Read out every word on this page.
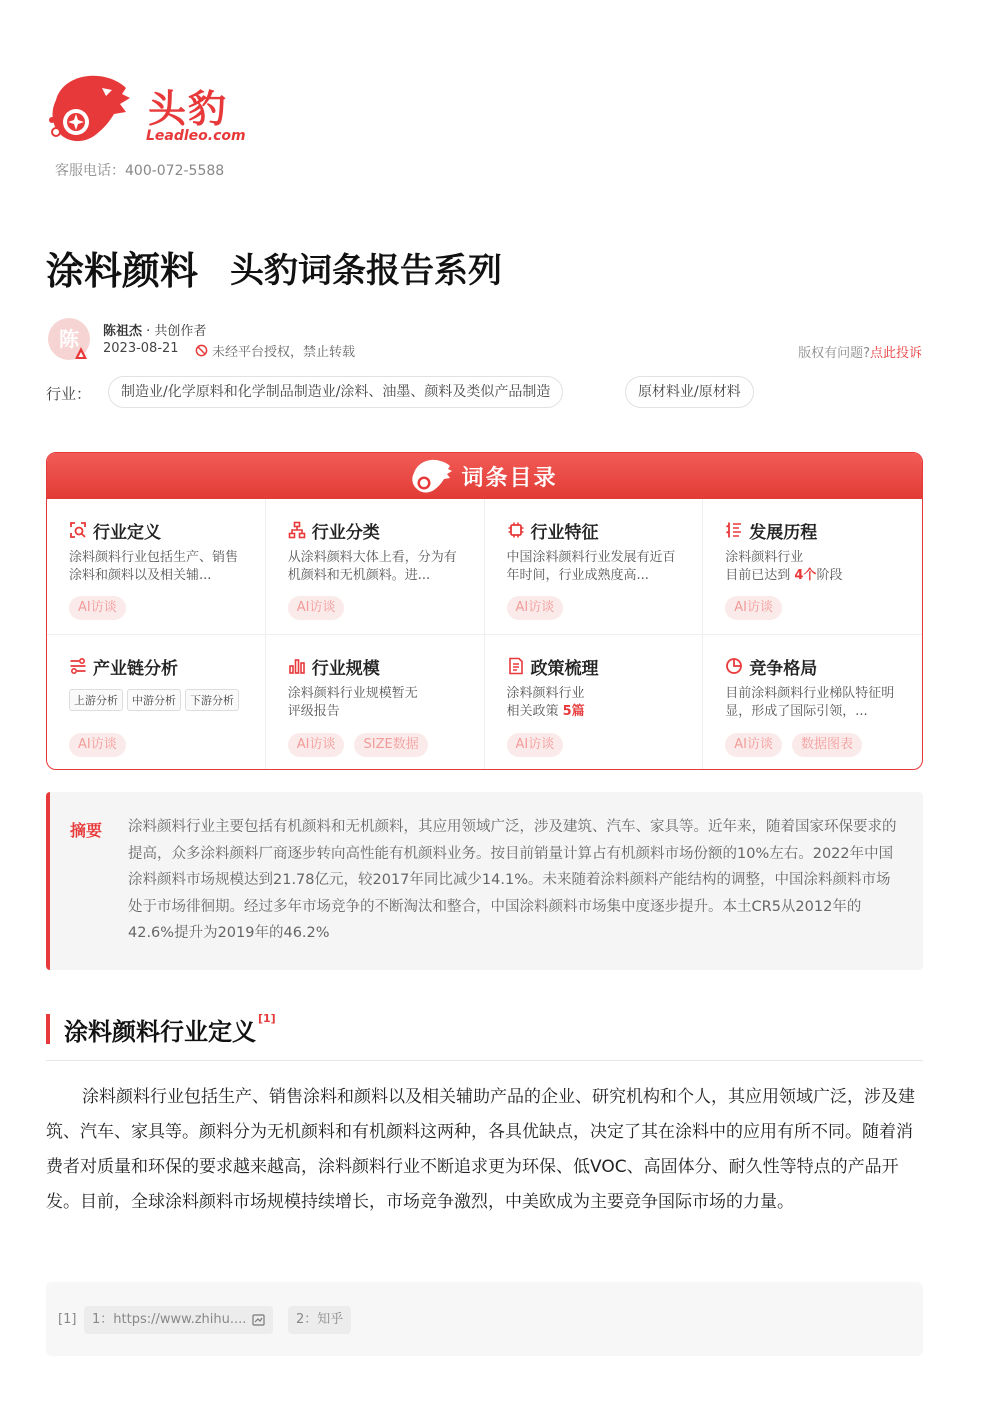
头豹
Leadleo.com
客服电话：400-072-5588
涂料颜料 头豹词条报告系列
陈	陈祖杰 · 共创作者
2023-08-21	未经平台授权，禁止转载	版权有问题?点此投诉
行业：	制造业/化学原料和化学制品制造业/涂料、油墨、颜料及类似产品制造	原材料业/原材料
词条目录
行业定义
涂料颜料行业包括生产、销售涂料和颜料以及相关辅...
AI访谈
行业分类
从涂料颜料大体上看，分为有机颜料和无机颜料。进...
AI访谈
行业特征
中国涂料颜料行业发展有近百年时间，行业成熟度高...
AI访谈
发展历程
涂料颜料行业
目前已达到 4个阶段
AI访谈
产业链分析
上游分析	中游分析	下游分析
AI访谈
行业规模
涂料颜料行业规模暂无评级报告
AI访谈	SIZE数据
政策梳理
涂料颜料行业
相关政策 5篇
AI访谈
竞争格局
目前涂料颜料行业梯队特征明显，形成了国际引领，...
AI访谈	数据图表
摘要 涂料颜料行业主要包括有机颜料和无机颜料，其应用领域广泛，涉及建筑、汽车、家具等。近年来，随着国家环保要求的提高，众多涂料颜料厂商逐步转向高性能有机颜料业务。按目前销量计算占有机颜料市场份额的10%左右。2022年中国涂料颜料市场规模达到21.78亿元，较2017年同比减少14.1%。未来随着涂料颜料产能结构的调整，中国涂料颜料市场处于市场徘徊期。经过多年市场竞争的不断淘汰和整合，中国涂料颜料市场集中度逐步提升。本土CR5从2012年的42.6%提升为2019年的46.2%
涂料颜料行业定义 [1]
涂料颜料行业包括生产、销售涂料和颜料以及相关辅助产品的企业、研究机构和个人，其应用领域广泛，涉及建筑、汽车、家具等。颜料分为无机颜料和有机颜料这两种，各具优缺点，决定了其在涂料中的应用有所不同。随着消费者对质量和环保的要求越来越高，涂料颜料行业不断追求更为环保、低VOC、高固体分、耐久性等特点的产品开发。目前，全球涂料颜料市场规模持续增长，市场竞争激烈，中美欧成为主要竞争国际市场的力量。
[1] 1：https://www.zhihu....	2：知乎
